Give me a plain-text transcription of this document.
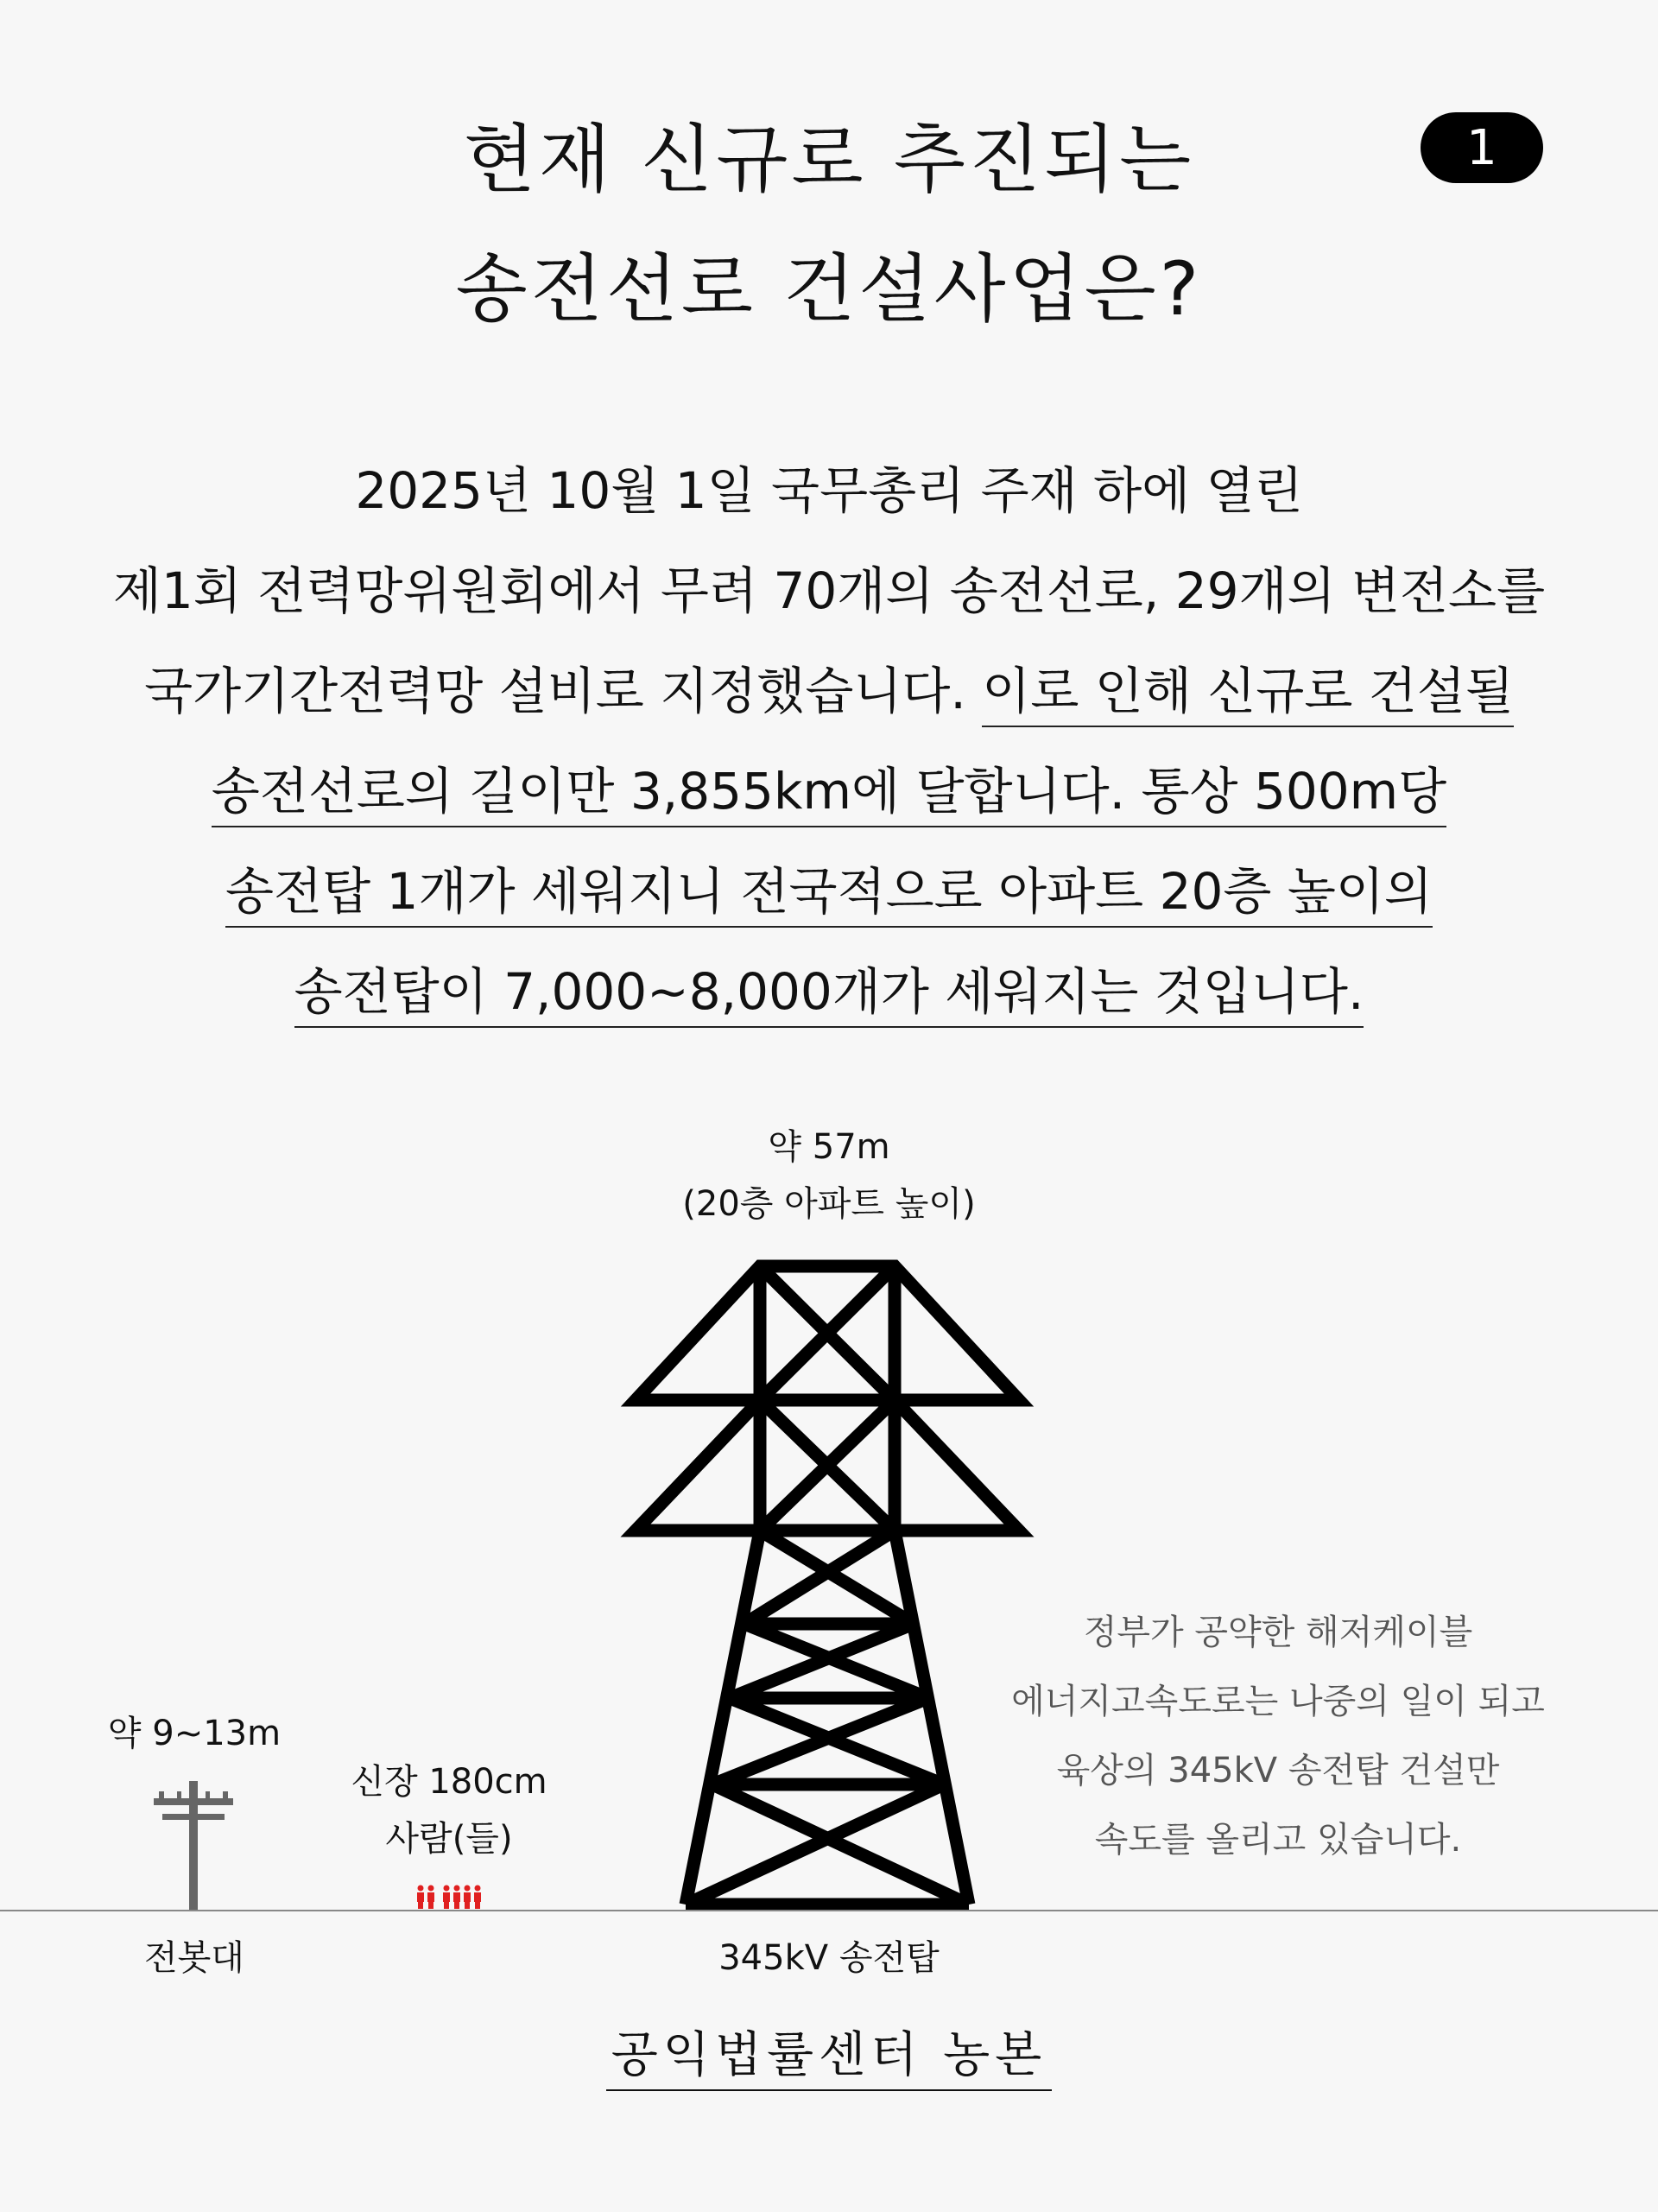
현재 신규로 추진되는
송전선로 건설사업은?
1
2025년 10월 1일 국무총리 주재 하에 열린
제1회 전력망위원회에서 무려 70개의 송전선로, 29개의 변전소를
국가기간전력망 설비로 지정했습니다. 이로 인해 신규로 건설될
송전선로의 길이만 3,855km에 달합니다. 통상 500m당
송전탑 1개가 세워지니 전국적으로 아파트 20층 높이의
송전탑이 7,000~8,000개가 세워지는 것입니다.
약 57m
(20층 아파트 높이)
약 9~13m
신장 180cm
사람(들)
정부가 공약한 해저케이블
에너지고속도로는 나중의 일이 되고
육상의 345kV 송전탑 건설만
속도를 올리고 있습니다.
전봇대	345kV 송전탑
공익법률센터 농본
